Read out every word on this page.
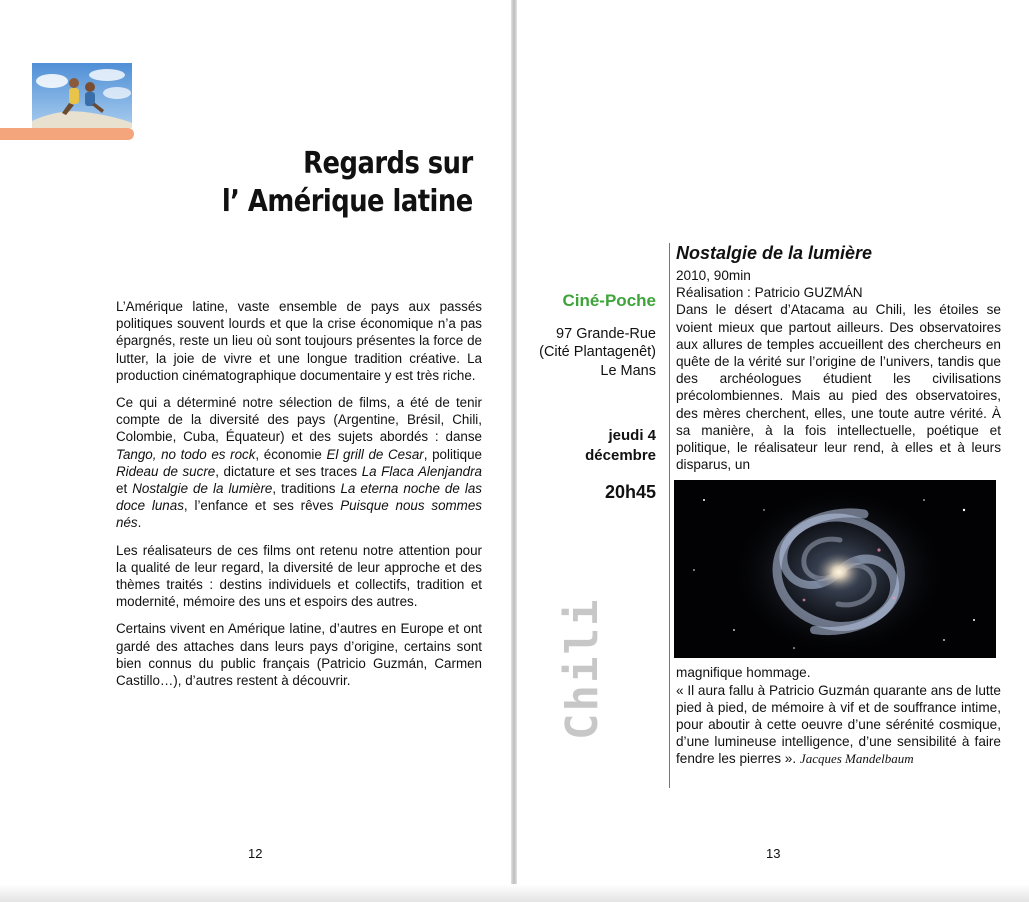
Regards sur
l’ Amérique latine

L’Amérique latine, vaste ensemble de pays aux passés politiques souvent lourds et que la crise économique n’a pas épargnés, reste un lieu où sont toujours présentes la force de lutter, la joie de vivre et une longue tradition créative. La production cinématographique documentaire y est très riche.

Ce qui a déterminé notre sélection de films, a été de tenir compte de la diversité des pays (Argentine, Brésil, Chili, Colombie, Cuba, Équateur) et des sujets abordés : danse Tango, no todo es rock, économie El grill de Cesar, politique Rideau de sucre, dictature et ses traces La Flaca Alenjandra et Nostalgie de la lumière, traditions La eterna noche de las doce lunas, l’enfance et ses rêves Puisque nous sommes nés.

Les réalisateurs de ces films ont retenu notre attention pour la qualité de leur regard, la diversité de leur approche et des thèmes traités : destins individuels et collectifs, tradition et modernité, mémoire des uns et espoirs des autres.

Certains vivent en Amérique latine, d’autres en Europe et ont gardé des attaches dans leurs pays d’origine, certains sont bien connus du public français (Patricio Guzmán, Carmen Castillo…), d’autres restent à découvrir.

12
Ciné-Poche
97 Grande-Rue
(Cité Plantagenêt)
Le Mans
jeudi 4
décembre
20h45
Chili
Nostalgie de la lumière

2010, 90min

Réalisation : Patricio GUZMÁN

Dans le désert d’Atacama au Chili, les étoiles se voient mieux que partout ailleurs. Des observatoires aux allures de temples accueillent des chercheurs en quête de la vérité sur l’origine de l’univers, tandis que des archéologues étudient les civilisations précolombiennes. Mais au pied des observatoires, des mères cherchent, elles, une toute autre vérité. À sa manière, à la fois intellectuelle, poétique et politique, le réalisateur leur rend, à elles et à leurs disparus, un

magnifique hommage.

« Il aura fallu à Patricio Guzmán quarante ans de lutte pied à pied, de mémoire à vif et de souffrance intime, pour aboutir à cette oeuvre d’une sérénité cosmique, d’une lumineuse intelligence, d’une sensibilité à faire fendre les pierres ». Jacques Mandelbaum

13
